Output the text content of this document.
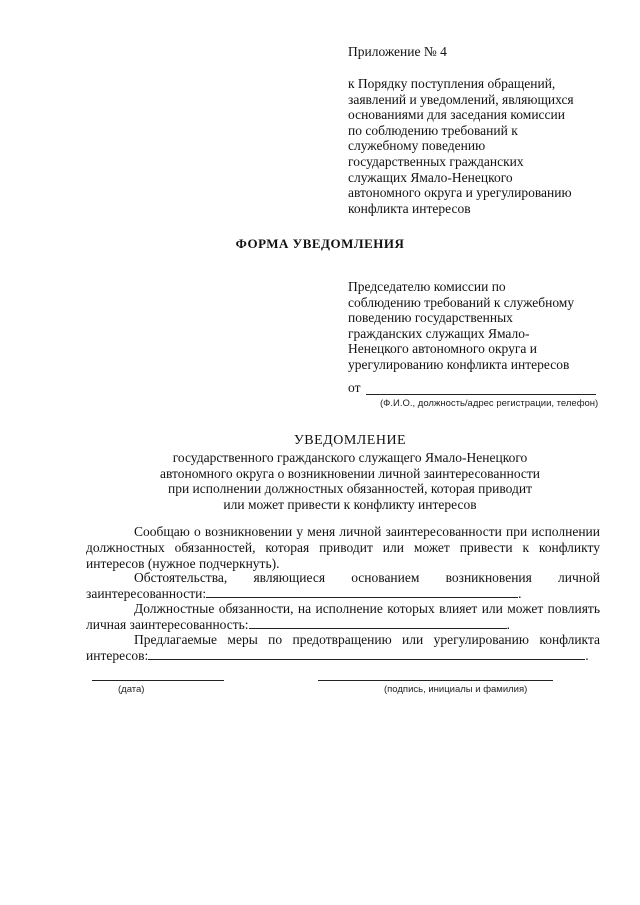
Приложение № 4
к Порядку поступления обращений,
заявлений и уведомлений, являющихся
основаниями для заседания комиссии
по соблюдению требований к
служебному поведению
государственных гражданских
служащих Ямало-Ненецкого
автономного округа и урегулированию
конфликта интересов
ФОРМА УВЕДОМЛЕНИЯ
Председателю комиссии по
соблюдению требований к служебному
поведению государственных
гражданских служащих Ямало-
Ненецкого автономного округа и
урегулированию конфликта интересов
от
(Ф.И.О., должность/адрес регистрации, телефон)
УВЕДОМЛЕНИЕ
государственного гражданского служащего Ямало-Ненецкого
автономного округа о возникновении личной заинтересованности
при исполнении должностных обязанностей, которая приводит
или может привести к конфликту интересов
Сообщаю о возникновении у меня личной заинтересованности при исполнении должностных обязанностей, которая приводит или может привести к конфликту интересов (нужное подчеркнуть).
Обстоятельства, являющиеся основанием возникновения личной заинтересованности:	.
Должностные обязанности, на исполнение которых влияет или может повлиять личная заинтересованность:	.
Предлагаемые меры по предотвращению или урегулированию конфликта интересов:	.
(дата)	(подпись, инициалы и фамилия)
